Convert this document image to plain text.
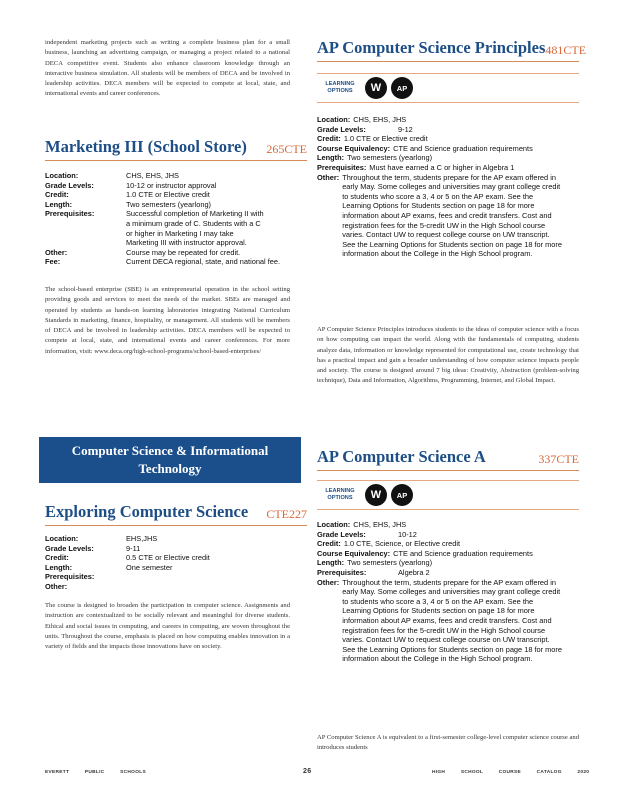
independent marketing projects such as writing a complete business plan for a small business, launching an advertising campaign, or managing a project related to a national DECA competitive event. Students also enhance classroom knowledge through an interactive business simulation. All students will be members of DECA and be involved in leadership activities. DECA members will be expected to compete at local, state, and international events and career conferences.

Marketing III (School Store) 265CTE
Location:	CHS, EHS, JHS
Grade Levels:	10-12 or instructor approval
Credit:	1.0 CTE or Elective credit
Length:	Two semesters (yearlong)
Prerequisites:	Successful completion of Marketing II with a minimum grade of C. Students with a C or higher in Marketing I may take Marketing III with instructor approval.
Other:	Course may be repeated for credit.
Fee:	Current DECA regional, state, and national fee.

The school-based enterprise (SBE) is an entrepreneurial operation in the school setting providing goods and services to meet the needs of the market. SBEs are managed and operated by students as hands-on learning laboratories integrating National Curriculum Standards in marketing, finance, hospitality, or management. All students will be members of DECA and be involved in leadership activities. DECA members will be expected to compete at local, state, and international events and career conferences. For more information, visit: www.deca.org/high-school-programs/school-based-enterprises/

Computer Science & Informational Technology
Exploring Computer Science CTE227
Location:	EHS,JHS
Grade Levels:	9-11
Credit:	0.5 CTE or Elective credit
Length:	One semester
Prerequisites:
Other:

The course is designed to broaden the participation in computer science. Assignments and instruction are contextualized to be socially relevant and meaningful for diverse students. Ethical and social issues in computing, and careers in computing, are woven throughout the units. Throughout the course, emphasis is placed on how computing enables innovation in a variety of fields and the impacts those innovations have on society.

AP Computer Science Principles 481CTE
LEARNING OPTIONS	W	AP
Location: CHS, EHS, JHS
Grade Levels:	9-12
Credit: 1.0 CTE or Elective credit
Course Equivalency: CTE and Science graduation requirements
Length: Two semesters (yearlong)
Prerequisites: Must have earned a C or higher in Algebra 1
Other: Throughout the term, students prepare for the AP exam offered in early May. Some colleges and universities may grant college credit to students who score a 3, 4 or 5 on the AP exam. See the Learning Options for Students section on page 18 for more information about AP exams, fees and credit transfers. Cost and registration fees for the 5-credit UW in the High School course varies. Contact UW to request college course on UW transcript. See the Learning Options for Students section on page 18 for more information about the College in the High School program.

AP Computer Science Principles introduces students to the ideas of computer science with a focus on how computing can impact the world. Along with the fundamentals of computing, students analyze data, information or knowledge represented for computational use, create technology that has a practical impact and gain a broader understanding of how computer science impacts people and society. The course is designed around 7 big ideas: Creativity, Abstraction (problem-solving technique), Data and Information, Algorithms, Programming, Internet, and Global Impact.

AP Computer Science A	337CTE
LEARNING OPTIONS	W	AP
Location: CHS, EHS, JHS
Grade Levels:	10-12
Credit: 1.0 CTE, Science, or Elective credit
Course Equivalency: CTE and Science graduation requirements
Length: Two semesters (yearlong)
Prerequisites:	Algebra 2
Other: Throughout the term, students prepare for the AP exam offered in early May. Some colleges and universities may grant college credit to students who score a 3, 4 or 5 on the AP exam. See the Learning Options for Students section on page 18 for more information about AP exams, fees and credit transfers. Cost and registration fees for the 5-credit UW in the High School course varies. Contact UW to request college course on UW transcript. See the Learning Options for Students section on page 18 for more information about the College in the High School program.

AP Computer Science A is equivalent to a first-semester college-level computer science course and introduces students

EVERETT PUBLIC SCHOOLS	26	HIGH SCHOOL COURSE CATALOG 2020
